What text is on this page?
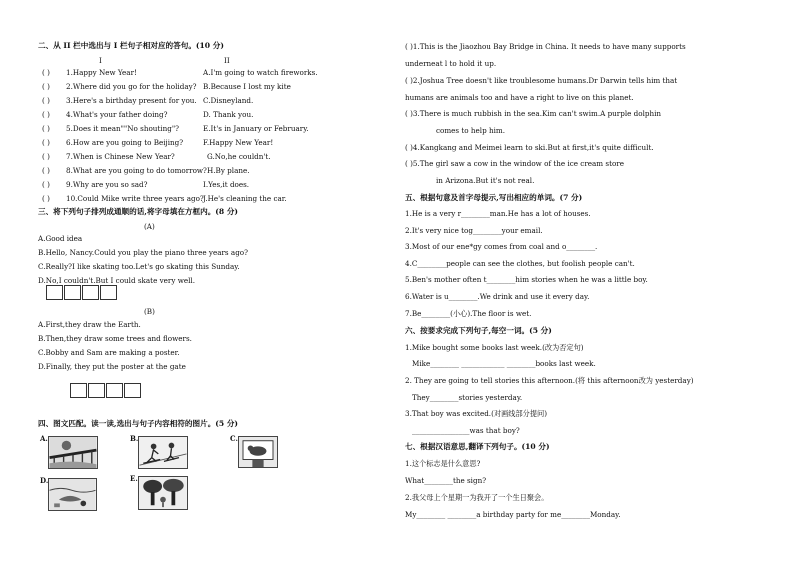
二、从 II 栏中选出与 I 栏句子相对应的答句。(10 分)
I	II
( ) 1.Happy New Year!	A.I'm going to watch fireworks.
( ) 2.Where did you go for the holiday? B.Because I lost my kite
( ) 3.Here's a birthday present for you. C.Disneyland.
( ) 4.What's your father doing?	D. Thank you.
( ) 5.Does it mean""No shouting"?	E.It's in January or February.
( ) 6.How are you going to Beijing?	F.Happy New Year!
( ) 7.When is Chinese New Year?	G.No,he couldn't.
( ) 8.What are you going to do tomorrow? H.By plane.
( ) 9.Why are you so sad?	I.Yes,it does.
( ) 10.Could Mike write three years ago? J.He's cleaning the car.
三、将下列句子排列成通顺的话,将字母填在方框内。(8 分)
(A)
A.Good idea
B.Hello, Nancy.Could you play the piano three years ago?
C.Really?I like skating too.Let's go skating this Sunday.
D.No,I couldn't.But I could skate very well.
(B)
A.First,they draw the Earth.
B.Then,they draw some trees and flowers.
C.Bobby and Sam are making a poster.
D.Finally, they put the poster at the gate
四、图文匹配。读一读,选出与句子内容相符的图片。(5 分)
A.	B.	C.
D.	E.
( )1.This is the Jiaozhou Bay Bridge in China. It needs to have many supports
underneat l to hold it up.
( )2.Joshua Tree doesn't like troublesome humans.Dr Darwin tells him that
humans are animals too and have a right to live on this planet.
( )3.There is much rubbish in the sea.Kim can't swim.A purple dolphin
comes to help him.
( )4.Kangkang and Meimei learn to ski.But at first,it's quite difficult.
( )5.The girl saw a cow in the window of the ice cream store
in Arizona.But it's not real.
五、根据句意及首字母提示,写出相应的单词。(7 分)
1.He is a very r________man.He has a lot of houses.
2.It's very nice tog________your email.
3.Most of our ene*gy comes from coal and o________.
4.C________people can see the clothes, but foolish people can't.
5.Ben's mother often t________him stories when he was a little boy.
6.Water is u________.We drink and use it every day.
7.Be________(小心).The floor is wet.
六、按要求完成下列句子,每空一词。(5 分)
1.Mike bought some books last week.(改为否定句)
Mike________ ____________ ________books last week.
2. They are going to tell stories this afternoon.(将 this afternoon改为 yesterday)
They________stories yesterday.
3.That boy was excited.(对画线部分提问)
________________was that boy?
七、根据汉语意思,翻译下列句子。(10 分)
1.这个标志是什么意思?
What________the sign?
2.我父母上个星期一为我开了一个生日聚会。
My________ ________a birthday party for me________Monday.
